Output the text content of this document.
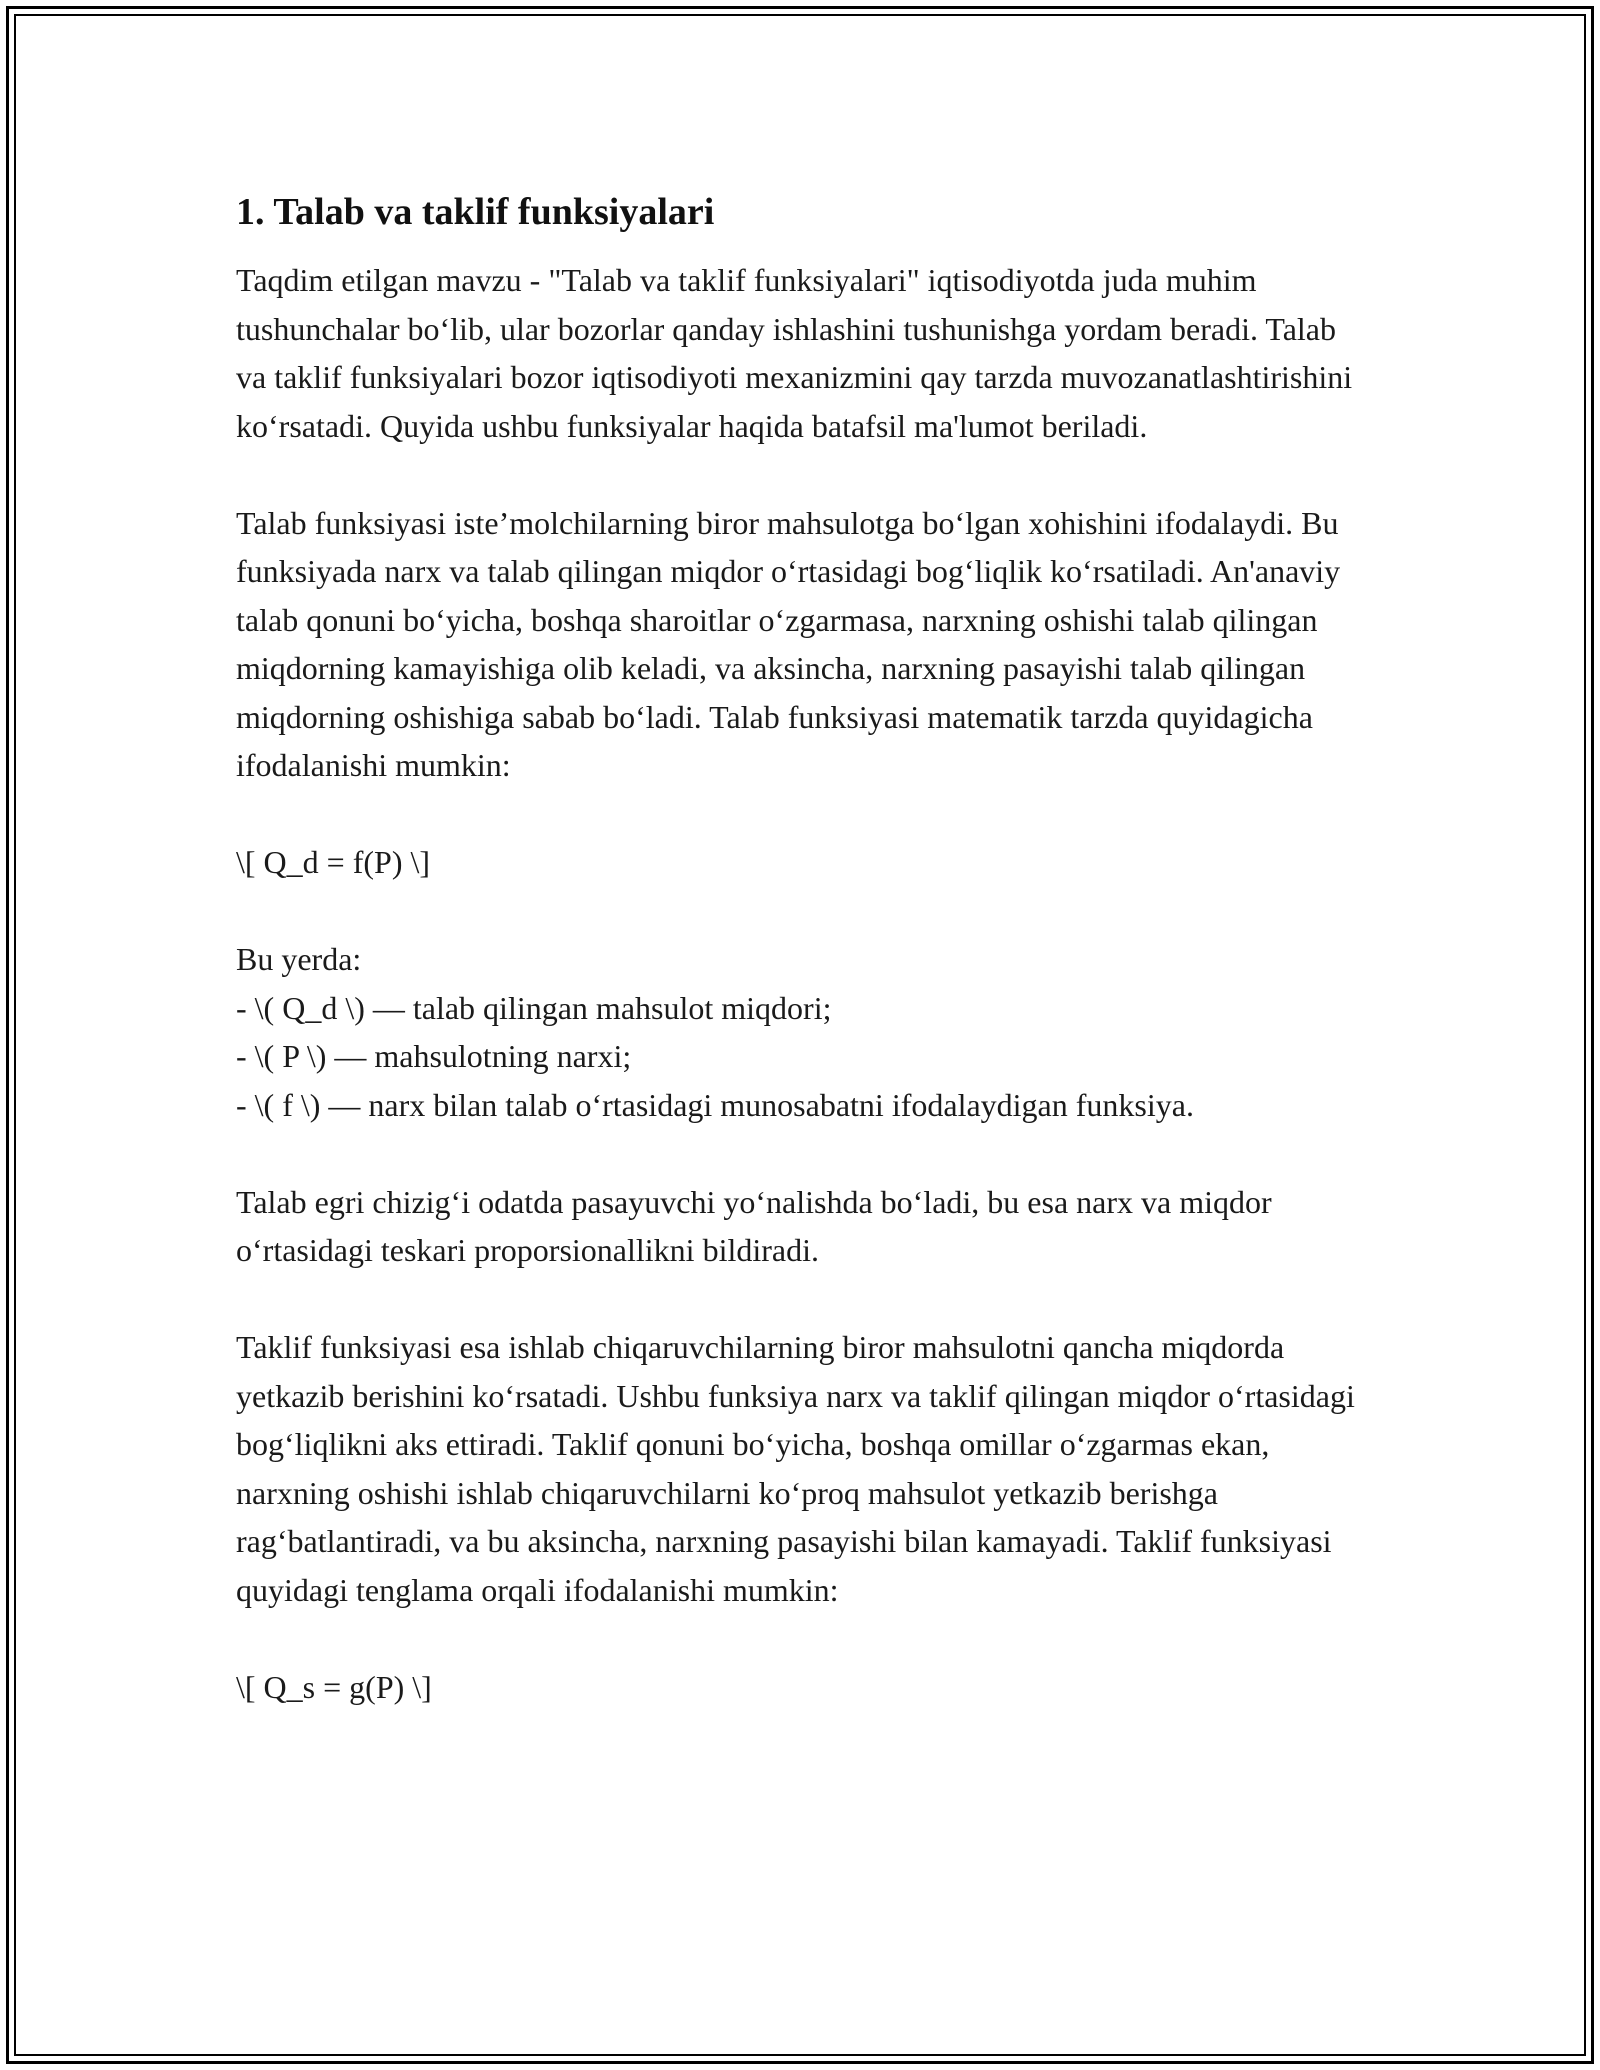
1. Talab va taklif funksiyalari

Taqdim etilgan mavzu - "Talab va taklif funksiyalari" iqtisodiyotda juda muhim tushunchalar bo‘lib, ular bozorlar qanday ishlashini tushunishga yordam beradi. Talab va taklif funksiyalari bozor iqtisodiyoti mexanizmini qay tarzda muvozanatlashtirishini ko‘rsatadi. Quyida ushbu funksiyalar haqida batafsil ma'lumot beriladi.

Talab funksiyasi iste’molchilarning biror mahsulotga bo‘lgan xohishini ifodalaydi. Bu funksiyada narx va talab qilingan miqdor o‘rtasidagi bog‘liqlik ko‘rsatiladi. An'anaviy talab qonuni bo‘yicha, boshqa sharoitlar o‘zgarmasa, narxning oshishi talab qilingan miqdorning kamayishiga olib keladi, va aksincha, narxning pasayishi talab qilingan miqdorning oshishiga sabab bo‘ladi. Talab funksiyasi matematik tarzda quyidagicha ifodalanishi mumkin:

\[ Q_d = f(P) \]

Bu yerda:
- \( Q_d \) — talab qilingan mahsulot miqdori;
- \( P \) — mahsulotning narxi;
- \( f \) — narx bilan talab o‘rtasidagi munosabatni ifodalaydigan funksiya.

Talab egri chizig‘i odatda pasayuvchi yo‘nalishda bo‘ladi, bu esa narx va miqdor o‘rtasidagi teskari proporsionallikni bildiradi.

Taklif funksiyasi esa ishlab chiqaruvchilarning biror mahsulotni qancha miqdorda yetkazib berishini ko‘rsatadi. Ushbu funksiya narx va taklif qilingan miqdor o‘rtasidagi bog‘liqlikni aks ettiradi. Taklif qonuni bo‘yicha, boshqa omillar o‘zgarmas ekan, narxning oshishi ishlab chiqaruvchilarni ko‘proq mahsulot yetkazib berishga rag‘batlantiradi, va bu aksincha, narxning pasayishi bilan kamayadi. Taklif funksiyasi quyidagi tenglama orqali ifodalanishi mumkin:

\[ Q_s = g(P) \]
